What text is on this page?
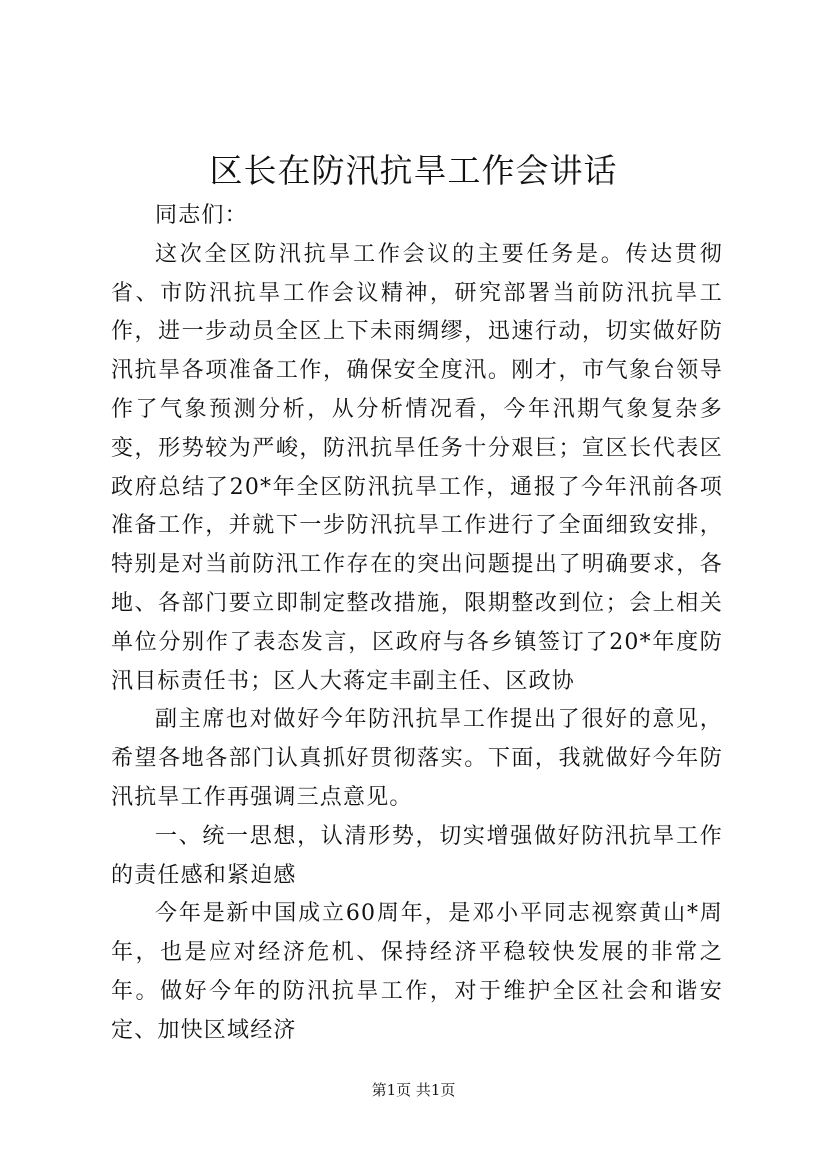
区长在防汛抗旱工作会讲话

同志们：

这次全区防汛抗旱工作会议的主要任务是。传达贯彻省、市防汛抗旱工作会议精神，研究部署当前防汛抗旱工作，进一步动员全区上下未雨绸缪，迅速行动，切实做好防汛抗旱各项准备工作，确保安全度汛。刚才，市气象台领导作了气象预测分析，从分析情况看，今年汛期气象复杂多变，形势较为严峻，防汛抗旱任务十分艰巨；宣区长代表区政府总结了20*年全区防汛抗旱工作，通报了今年汛前各项准备工作，并就下一步防汛抗旱工作进行了全面细致安排，特别是对当前防汛工作存在的突出问题提出了明确要求，各地、各部门要立即制定整改措施，限期整改到位；会上相关单位分别作了表态发言，区政府与各乡镇签订了20*年度防汛目标责任书；区人大蒋定丰副主任、区政协

副主席也对做好今年防汛抗旱工作提出了很好的意见，希望各地各部门认真抓好贯彻落实。下面，我就做好今年防汛抗旱工作再强调三点意见。

一、统一思想，认清形势，切实增强做好防汛抗旱工作的责任感和紧迫感

今年是新中国成立60周年，是邓小平同志视察黄山*周年，也是应对经济危机、保持经济平稳较快发展的非常之年。做好今年的防汛抗旱工作，对于维护全区社会和谐安定、加快区域经济

第1页 共1页
